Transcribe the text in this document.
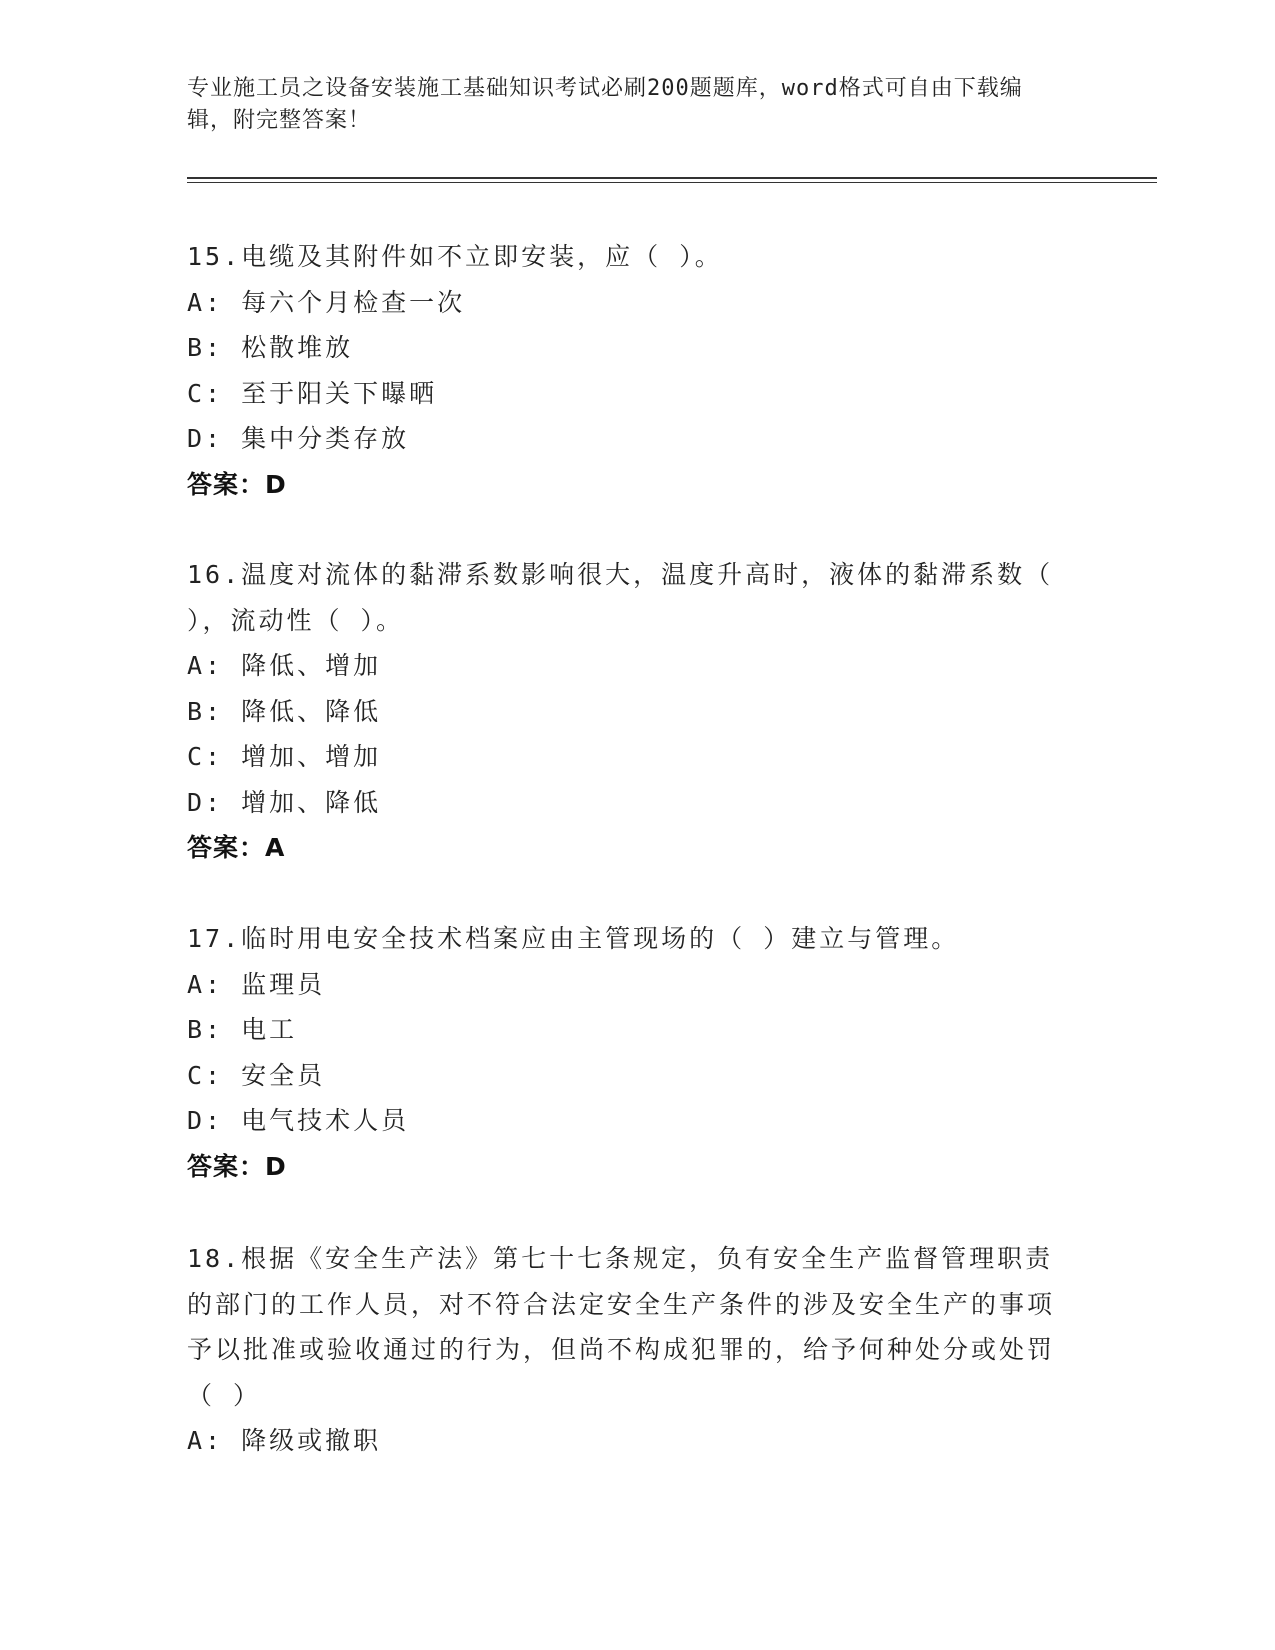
专业施工员之设备安装施工基础知识考试必刷200题题库，word格式可自由下载编辑，附完整答案！
15.电缆及其附件如不立即安装，应（ ）。
A: 每六个月检查一次
B: 松散堆放
C: 至于阳关下曝晒
D: 集中分类存放
答案：D
16.温度对流体的黏滞系数影响很大，温度升高时，液体的黏滞系数（ ），流动性（ ）。
A: 降低、增加
B: 降低、降低
C: 增加、增加
D: 增加、降低
答案：A
17.临时用电安全技术档案应由主管现场的（ ）建立与管理。
A: 监理员
B: 电工
C: 安全员
D: 电气技术人员
答案：D
18.根据《安全生产法》第七十七条规定，负有安全生产监督管理职责的部门的工作人员，对不符合法定安全生产条件的涉及安全生产的事项予以批准或验收通过的行为，但尚不构成犯罪的，给予何种处分或处罚（ ）
A: 降级或撤职
